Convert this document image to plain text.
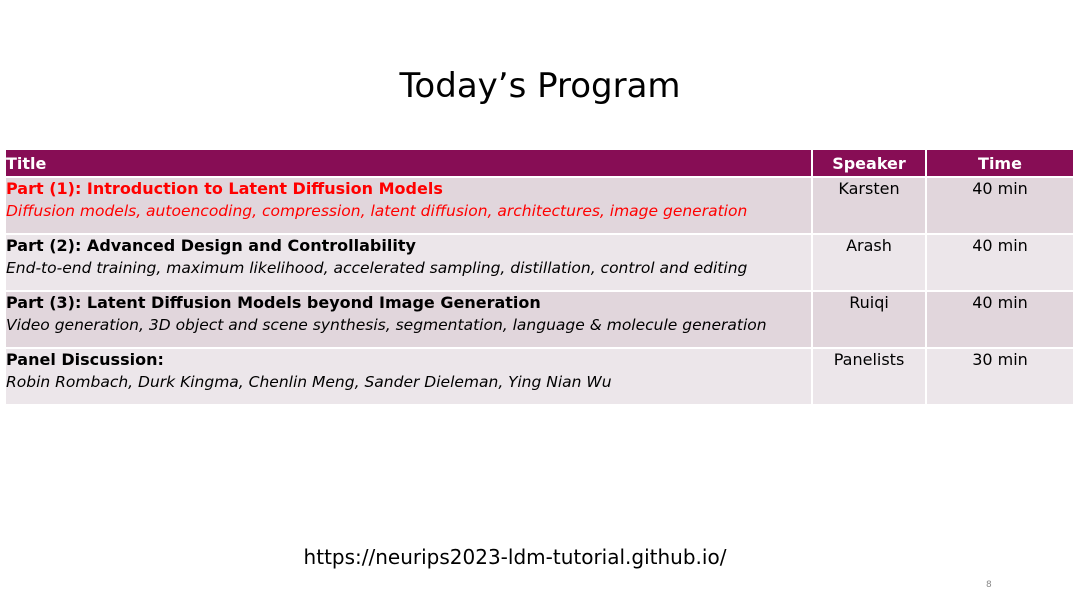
Today’s Program
Title	Speaker	Time

Part (1): Introduction to Latent Diffusion Models
Diffusion models, autoencoding, compression, latent diffusion, architectures, image generation	Karsten	40 min

Part (2): Advanced Design and Controllability
End-to-end training, maximum likelihood, accelerated sampling, distillation, control and editing	Arash	40 min

Part (3): Latent Diffusion Models beyond Image Generation
Video generation, 3D object and scene synthesis, segmentation, language & molecule generation	Ruiqi	40 min

Panel Discussion:
Robin Rombach, Durk Kingma, Chenlin Meng, Sander Dieleman, Ying Nian Wu	Panelists	30 min
https://neurips2023-ldm-tutorial.github.io/
8
